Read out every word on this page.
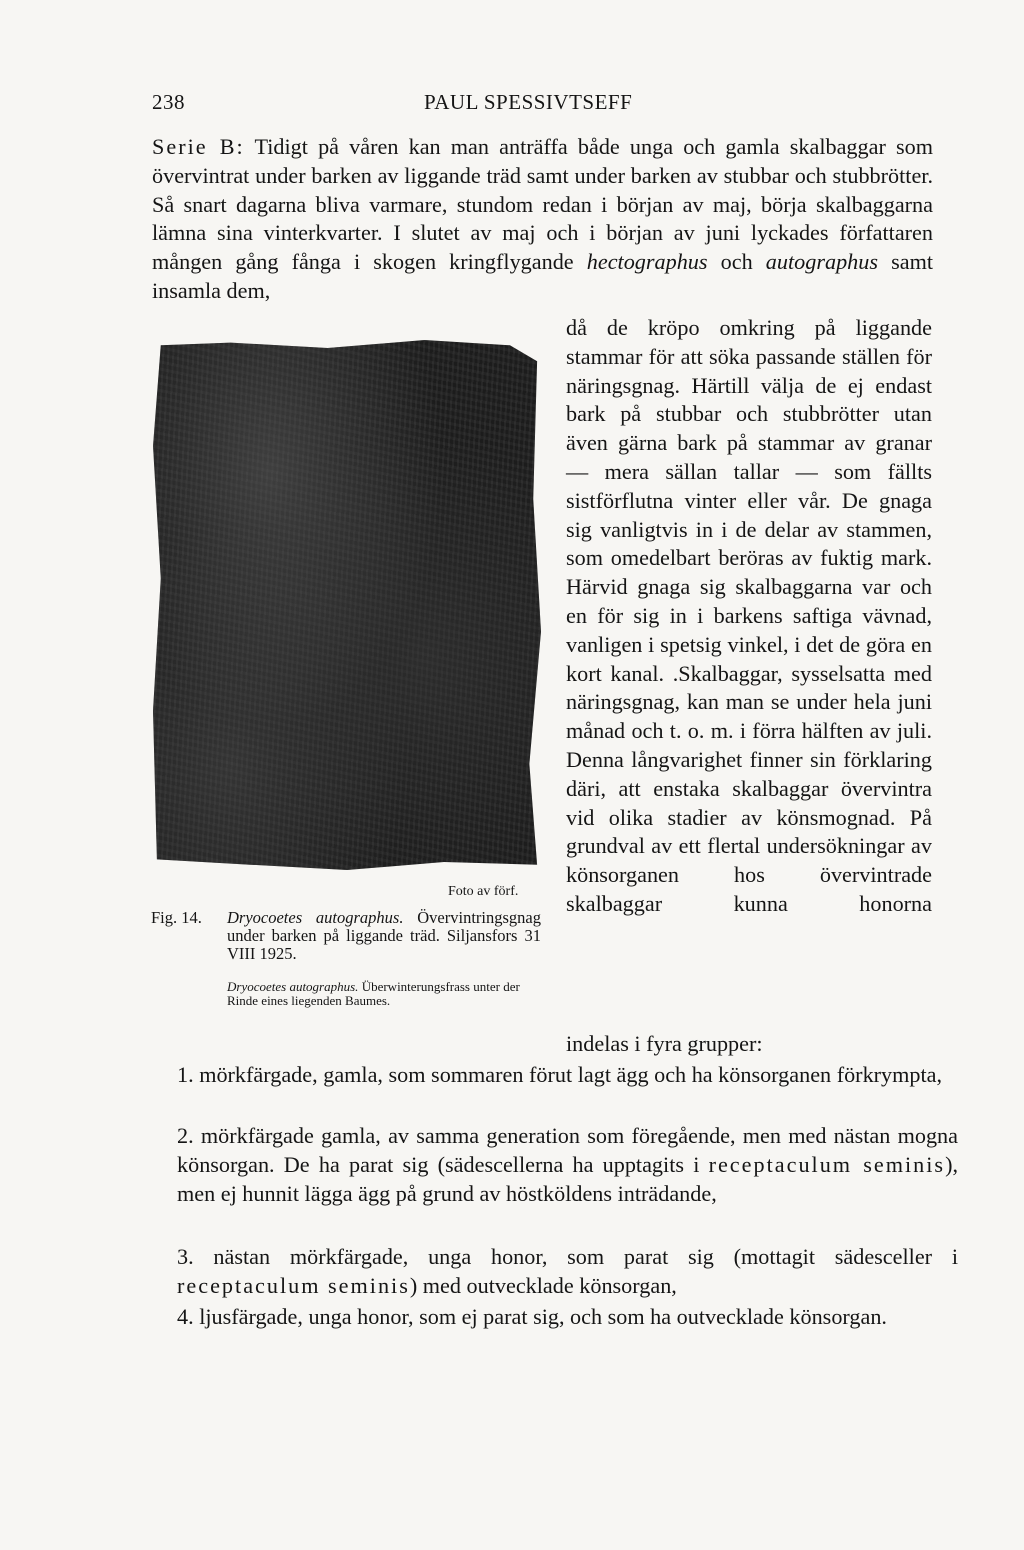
238	PAUL SPESSIVTSEFF

Serie B: Tidigt på våren kan man anträffa både unga och gamla skalbaggar som övervintrat under barken av liggande träd samt under barken av stubbar och stubbrötter. Så snart dagarna bliva varmare, stundom redan i början av maj, börja skalbaggarna lämna sina vinterkvarter. I slutet av maj och i början av juni lyckades författaren mången gång fånga i skogen kringflygande hectographus och autographus samt insamla dem,

då de kröpo omkring på liggande stammar för att söka passande ställen för näringsgnag. Härtill välja de ej endast bark på stubbar och stubbrötter utan även gärna bark på stammar av granar — mera sällan tallar — som fällts sistförflutna vinter eller vår. De gnaga sig vanligtvis in i de delar av stammen, som omedelbart beröras av fuktig mark. Härvid gnaga sig skalbaggarna var och en för sig in i barkens saftiga vävnad, vanligen i spetsig vinkel, i det de göra en kort kanal. .Skalbaggar, sysselsatta med näringsgnag, kan man se under hela juni månad och t. o. m. i förra hälften av juli. Denna långvarighet finner sin förklaring däri, att enstaka skalbaggar övervintra vid olika stadier av könsmognad. På grundval av ett flertal undersökningar av könsorganen hos övervintrade skalbaggar kunna honorna

indelas i fyra grupper:

Foto av förf.
Fig. 14. Dryocoetes autographus. Övervintringsgnag under barken på liggande träd. Siljansfors 31 VIII 1925.
Dryocoetes autographus. Überwinterungsfrass unter der Rinde eines liegenden Baumes.

1. mörkfärgade, gamla, som sommaren förut lagt ägg och ha könsorganen förkrympta,

2. mörkfärgade gamla, av samma generation som föregående, men med nästan mogna könsorgan. De ha parat sig (sädescellerna ha upptagits i receptaculum seminis), men ej hunnit lägga ägg på grund av höstköldens inträdande,

3. nästan mörkfärgade, unga honor, som parat sig (mottagit sädesceller i receptaculum seminis) med outvecklade könsorgan,

4. ljusfärgade, unga honor, som ej parat sig, och som ha outvecklade könsorgan.
